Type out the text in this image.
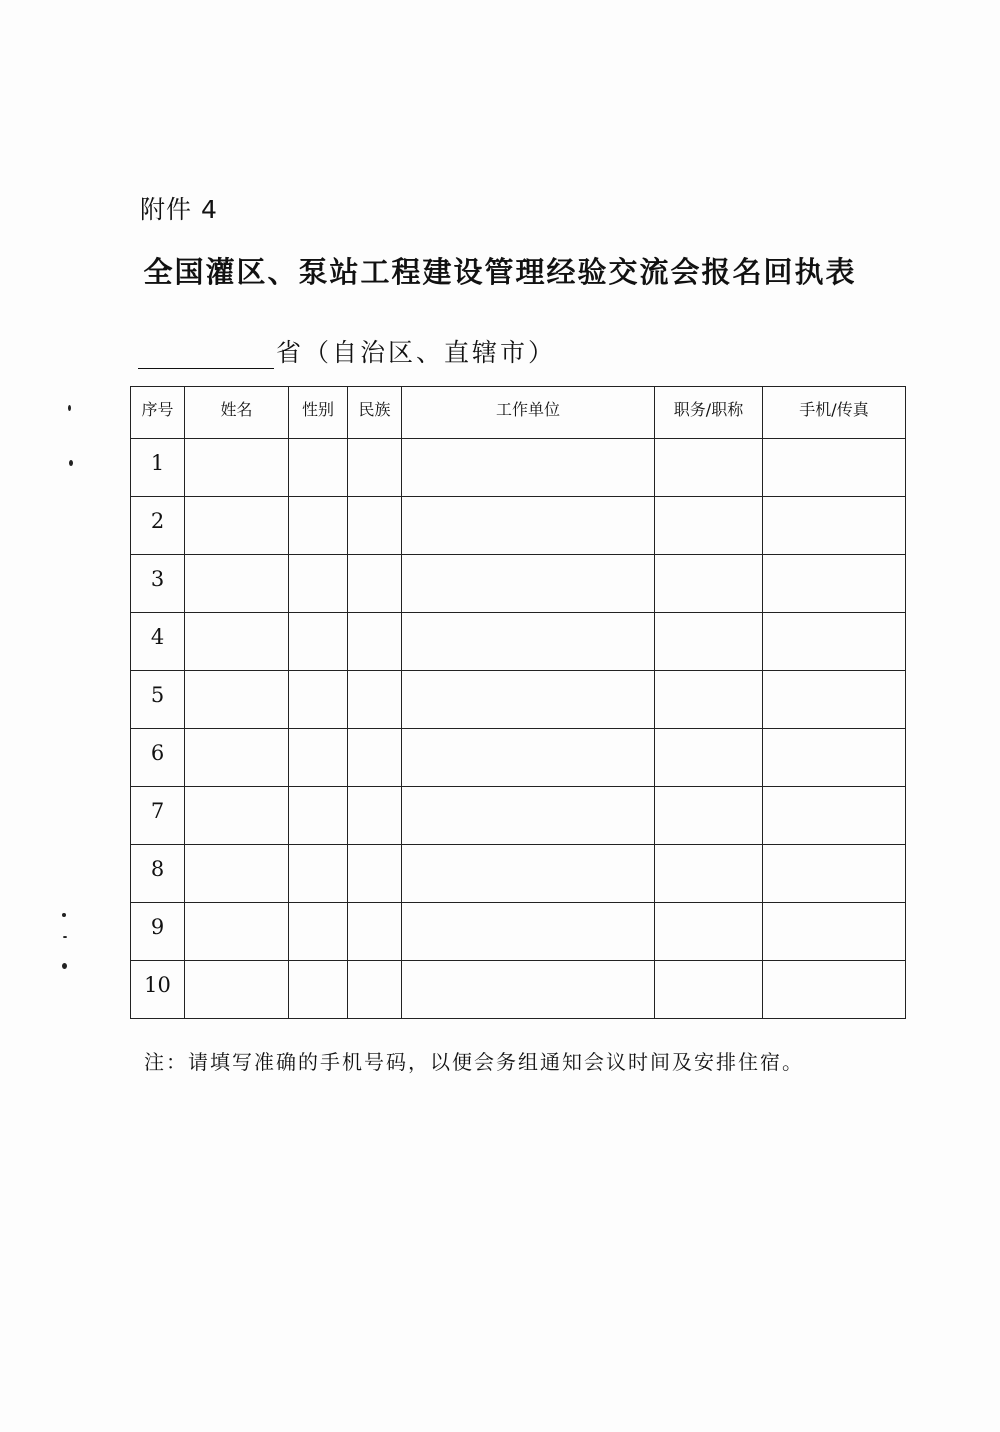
附件 4
全国灌区、泵站工程建设管理经验交流会报名回执表
省（自治区、直辖市）
序号	姓名	性别	民族	工作单位	职务/职称	手机/传真
1						
2						
3						
4						
5						
6						
7						
8						
9						
10						
注：请填写准确的手机号码，以便会务组通知会议时间及安排住宿。
